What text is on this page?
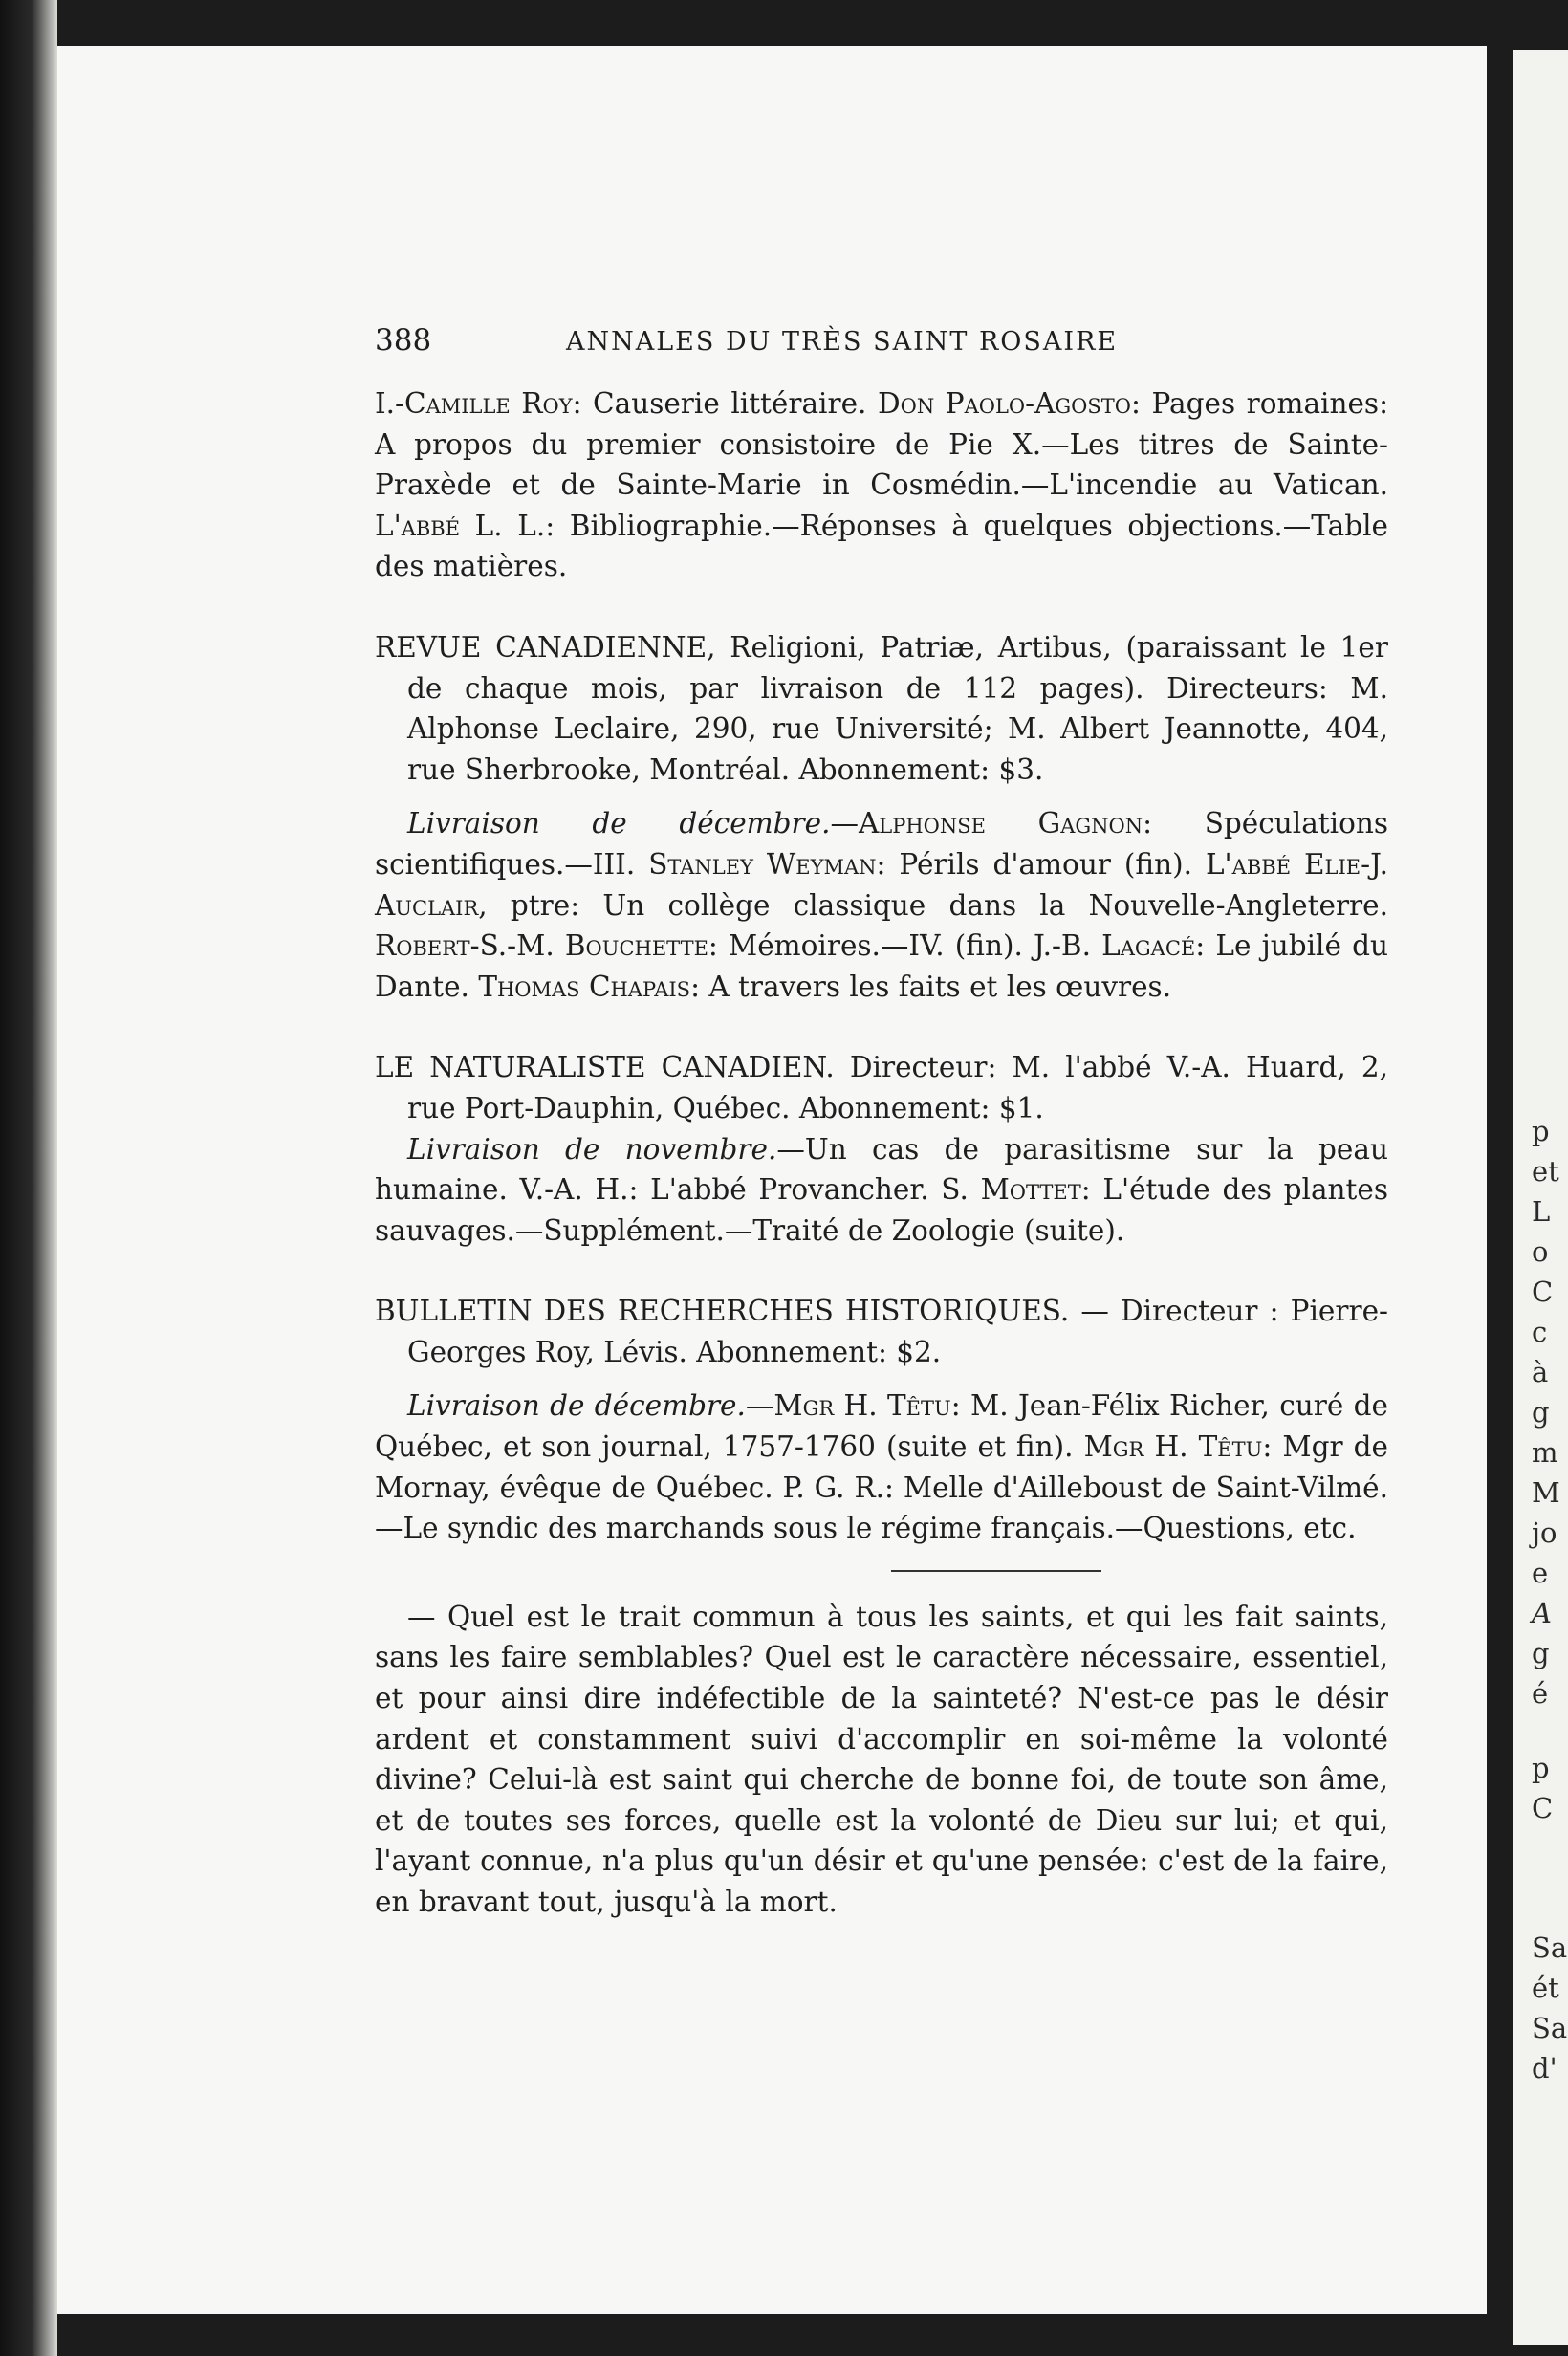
p
et
L
o
C
c
à
g
m
M
jo
e
A
g
é
p
C
Sa
ét
Sa
d'
388	ANNALES DU TRÈS SAINT ROSAIRE

I.-Camille Roy: Causerie littéraire. Don Paolo-Agosto: Pages romaines: A propos du premier consistoire de Pie X.—Les titres de Sainte-Praxède et de Sainte-Marie in Cosmédin.—L'incendie au Vatican. L'abbé L. L.: Bibliographie.—Réponses à quelques objections.—Table des matières.

REVUE CANADIENNE, Religioni, Patriæ, Artibus, (paraissant le 1er de chaque mois, par livraison de 112 pages). Directeurs: M. Alphonse Leclaire, 290, rue Université; M. Albert Jeannotte, 404, rue Sherbrooke, Montréal. Abonnement: $3.

Livraison de décembre.—Alphonse Gagnon: Spéculations scientifiques.—III. Stanley Weyman: Périls d'amour (fin). L'abbé Elie-J. Auclair, ptre: Un collège classique dans la Nouvelle-Angleterre. Robert-S.-M. Bouchette: Mémoires.—IV. (fin). J.-B. Lagacé: Le jubilé du Dante. Thomas Chapais: A travers les faits et les œuvres.

LE NATURALISTE CANADIEN. Directeur: M. l'abbé V.-A. Huard, 2, rue Port-Dauphin, Québec. Abonnement: $1.

Livraison de novembre.—Un cas de parasitisme sur la peau humaine. V.-A. H.: L'abbé Provancher. S. Mottet: L'étude des plantes sauvages.—Supplément.—Traité de Zoologie (suite).

BULLETIN DES RECHERCHES HISTORIQUES. — Directeur : Pierre-Georges Roy, Lévis. Abonnement: $2.

Livraison de décembre.—Mgr H. Têtu: M. Jean-Félix Richer, curé de Québec, et son journal, 1757-1760 (suite et fin). Mgr H. Têtu: Mgr de Mornay, évêque de Québec. P. G. R.: Melle d'Ailleboust de Saint-Vilmé.—Le syndic des marchands sous le régime français.—Questions, etc.

— Quel est le trait commun à tous les saints, et qui les fait saints, sans les faire semblables? Quel est le caractère nécessaire, essentiel, et pour ainsi dire indéfectible de la sainteté? N'est-ce pas le désir ardent et constamment suivi d'accomplir en soi-même la volonté divine? Celui-là est saint qui cherche de bonne foi, de toute son âme, et de toutes ses forces, quelle est la volonté de Dieu sur lui; et qui, l'ayant connue, n'a plus qu'un désir et qu'une pensée: c'est de la faire, en bravant tout, jusqu'à la mort.
